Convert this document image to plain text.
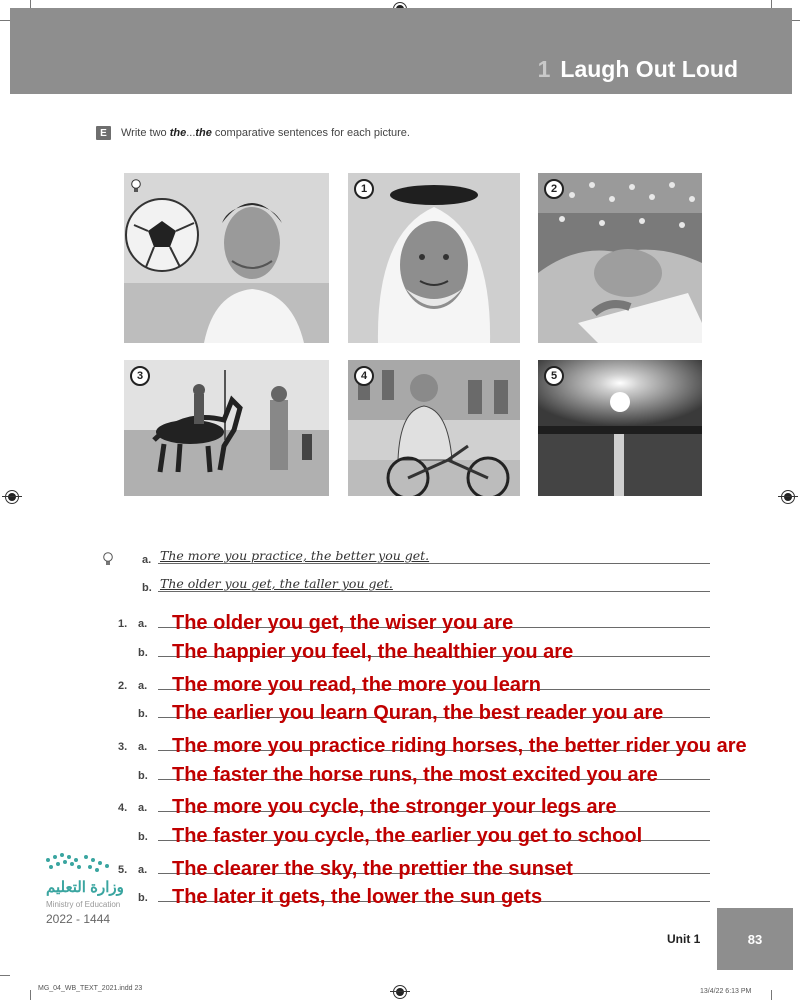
1 Laugh Out Loud
E	Write two the...the comparative sentences for each picture.
1	2
3	4	5
a. The more you practice, the better you get.
b. The older you get, the taller you get.
1. a. The older you get, the wiser you are
b. The happier you feel, the healthier you are
2. a. The more you read, the more you learn
b. The earlier you learn Quran, the best reader you are
3. a. The more you practice riding horses, the better rider you are
b. The faster the horse runs, the most excited you are
4. a. The more you cycle, the stronger your legs are
b. The faster you cycle, the earlier you get to school
5. a. The clearer the sky, the prettier the sunset
b. The later it gets, the lower the sun gets
وزارة التعليم
Ministry of Education
2022 - 1444
Unit 1	83
MG_04_WB_TEXT_2021.indd 23	13/4/22 6:13 PM
